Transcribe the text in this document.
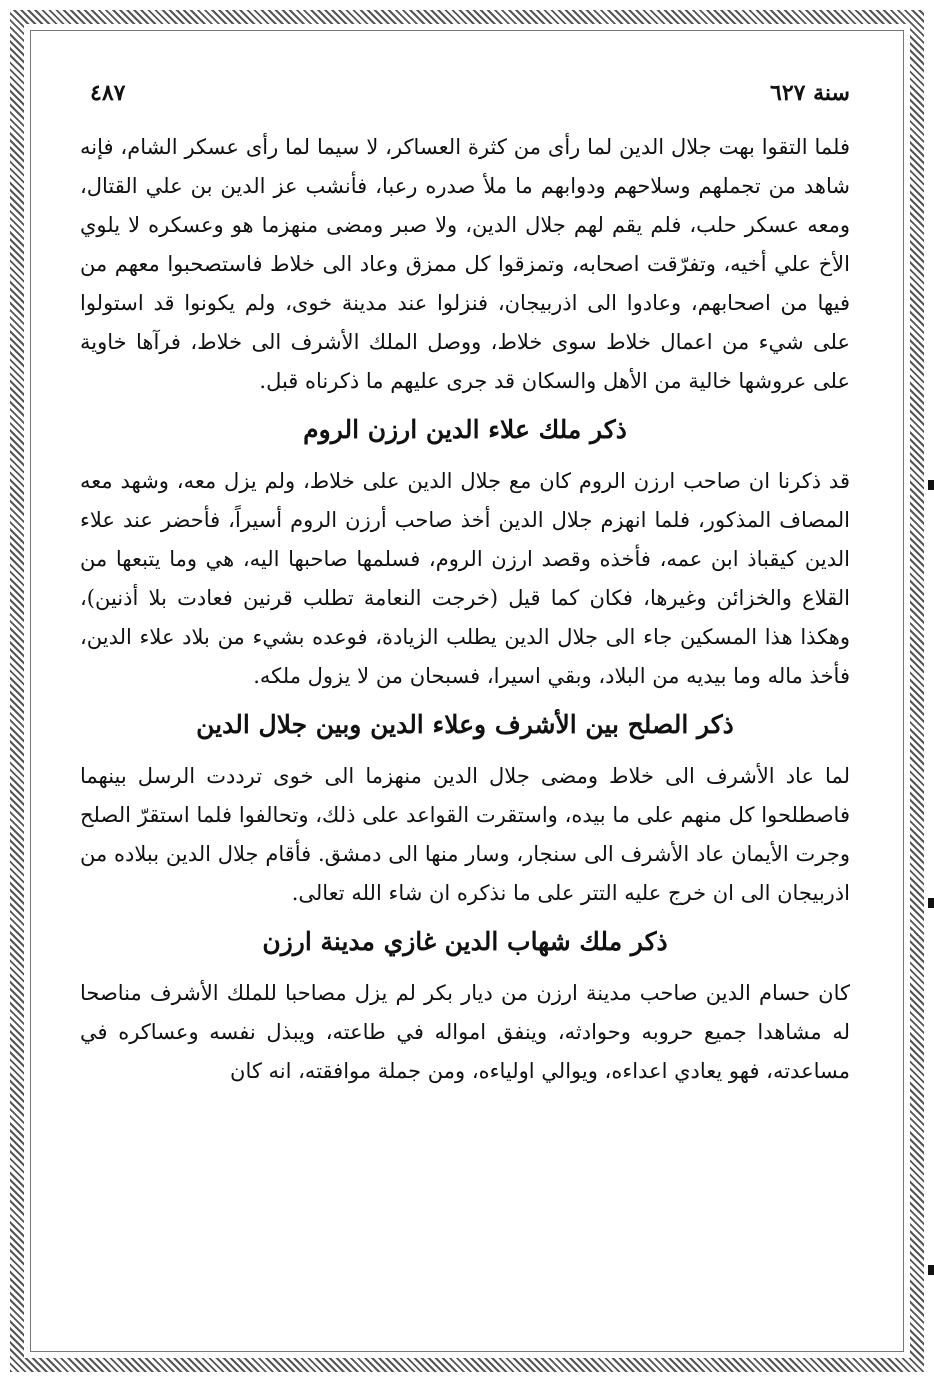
سنة ٦٢٧
٤٨٧

فلما التقوا بهت جلال الدين لما رأى من كثرة العساكر، لا سيما لما رأى عسكر الشام، فإنه شاهد من تجملهم وسلاحهم ودوابهم ما ملأ صدره رعبا، فأنشب عز الدين بن علي القتال، ومعه عسكر حلب، فلم يقم لهم جلال الدين، ولا صبر ومضى منهزما هو وعسكره لا يلوي الأخ علي أخيه، وتفرّقت اصحابه، وتمزقوا كل ممزق وعاد الى خلاط فاستصحبوا معهم من فيها من اصحابهم، وعادوا الى اذربيجان، فنزلوا عند مدينة خوى، ولم يكونوا قد استولوا على شيء من اعمال خلاط سوى خلاط، ووصل الملك الأشرف الى خلاط، فرآها خاوية على عروشها خالية من الأهل والسكان قد جرى عليهم ما ذكرناه قبل.

ذكر ملك علاء الدين ارزن الروم

قد ذكرنا ان صاحب ارزن الروم كان مع جلال الدين على خلاط، ولم يزل معه، وشهد معه المصاف المذكور، فلما انهزم جلال الدين أخذ صاحب أرزن الروم أسيراً، فأحضر عند علاء الدين كيقباذ ابن عمه، فأخذه وقصد ارزن الروم، فسلمها صاحبها اليه، هي وما يتبعها من القلاع والخزائن وغيرها، فكان كما قيل (خرجت النعامة تطلب قرنين فعادت بلا أذنين)، وهكذا هذا المسكين جاء الى جلال الدين يطلب الزيادة، فوعده بشيء من بلاد علاء الدين، فأخذ ماله وما بيديه من البلاد، وبقي اسيرا، فسبحان من لا يزول ملكه.

ذكر الصلح بين الأشرف وعلاء الدين وبين جلال الدين

لما عاد الأشرف الى خلاط ومضى جلال الدين منهزما الى خوى ترددت الرسل بينهما فاصطلحوا كل منهم على ما بيده، واستقرت القواعد على ذلك، وتحالفوا فلما استقرّ الصلح وجرت الأيمان عاد الأشرف الى سنجار، وسار منها الى دمشق. فأقام جلال الدين ببلاده من اذربيجان الى ان خرج عليه التتر على ما نذكره ان شاء الله تعالى.

ذكر ملك شهاب الدين غازي مدينة ارزن

كان حسام الدين صاحب مدينة ارزن من ديار بكر لم يزل مصاحبا للملك الأشرف مناصحا له مشاهدا جميع حروبه وحوادثه، وينفق امواله في طاعته، ويبذل نفسه وعساكره في مساعدته، فهو يعادي اعداءه، ويوالي اولياءه، ومن جملة موافقته، انه كان
